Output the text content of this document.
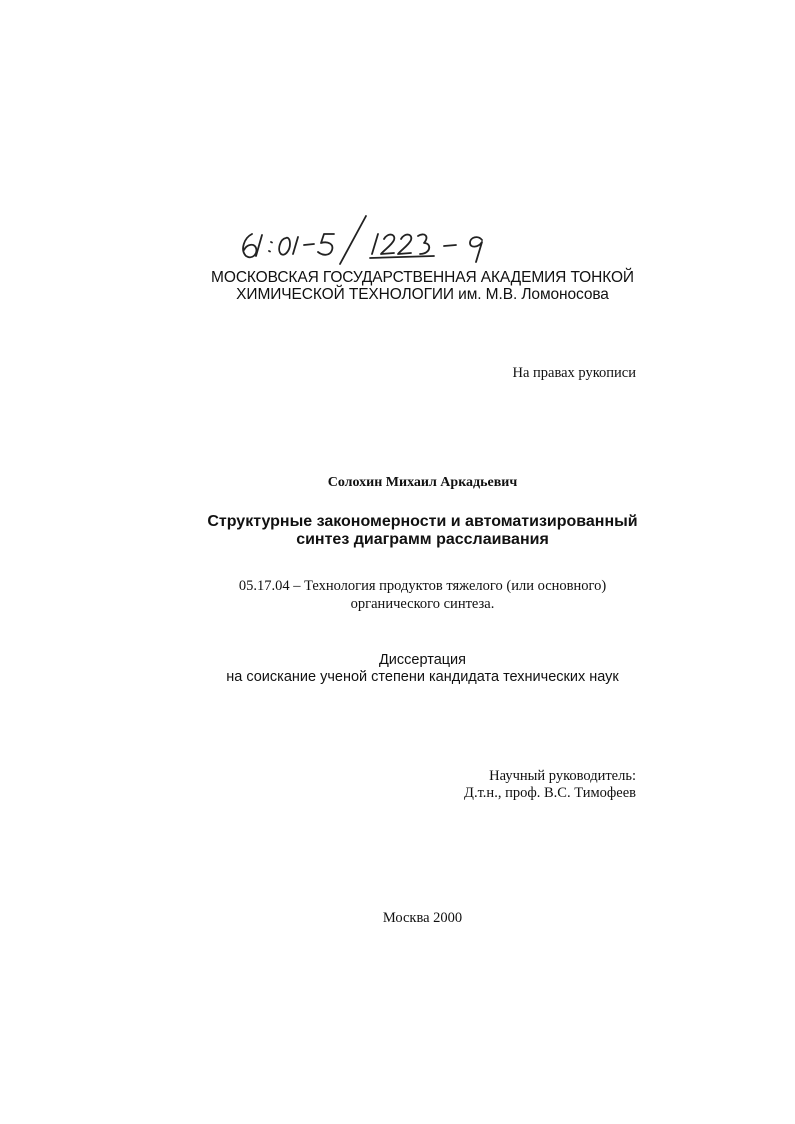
МОСКОВСКАЯ ГОСУДАРСТВЕННАЯ АКАДЕМИЯ ТОНКОЙ
ХИМИЧЕСКОЙ ТЕХНОЛОГИИ им. М.В. Ломоносова
На правах рукописи
Солохин Михаил Аркадьевич
Структурные закономерности и автоматизированный
синтез диаграмм расслаивания
05.17.04 – Технология продуктов тяжелого (или основного)
органического синтеза.
Диссертация
на соискание ученой степени кандидата технических наук
Научный руководитель:
Д.т.н., проф. В.С. Тимофеев
Москва 2000
